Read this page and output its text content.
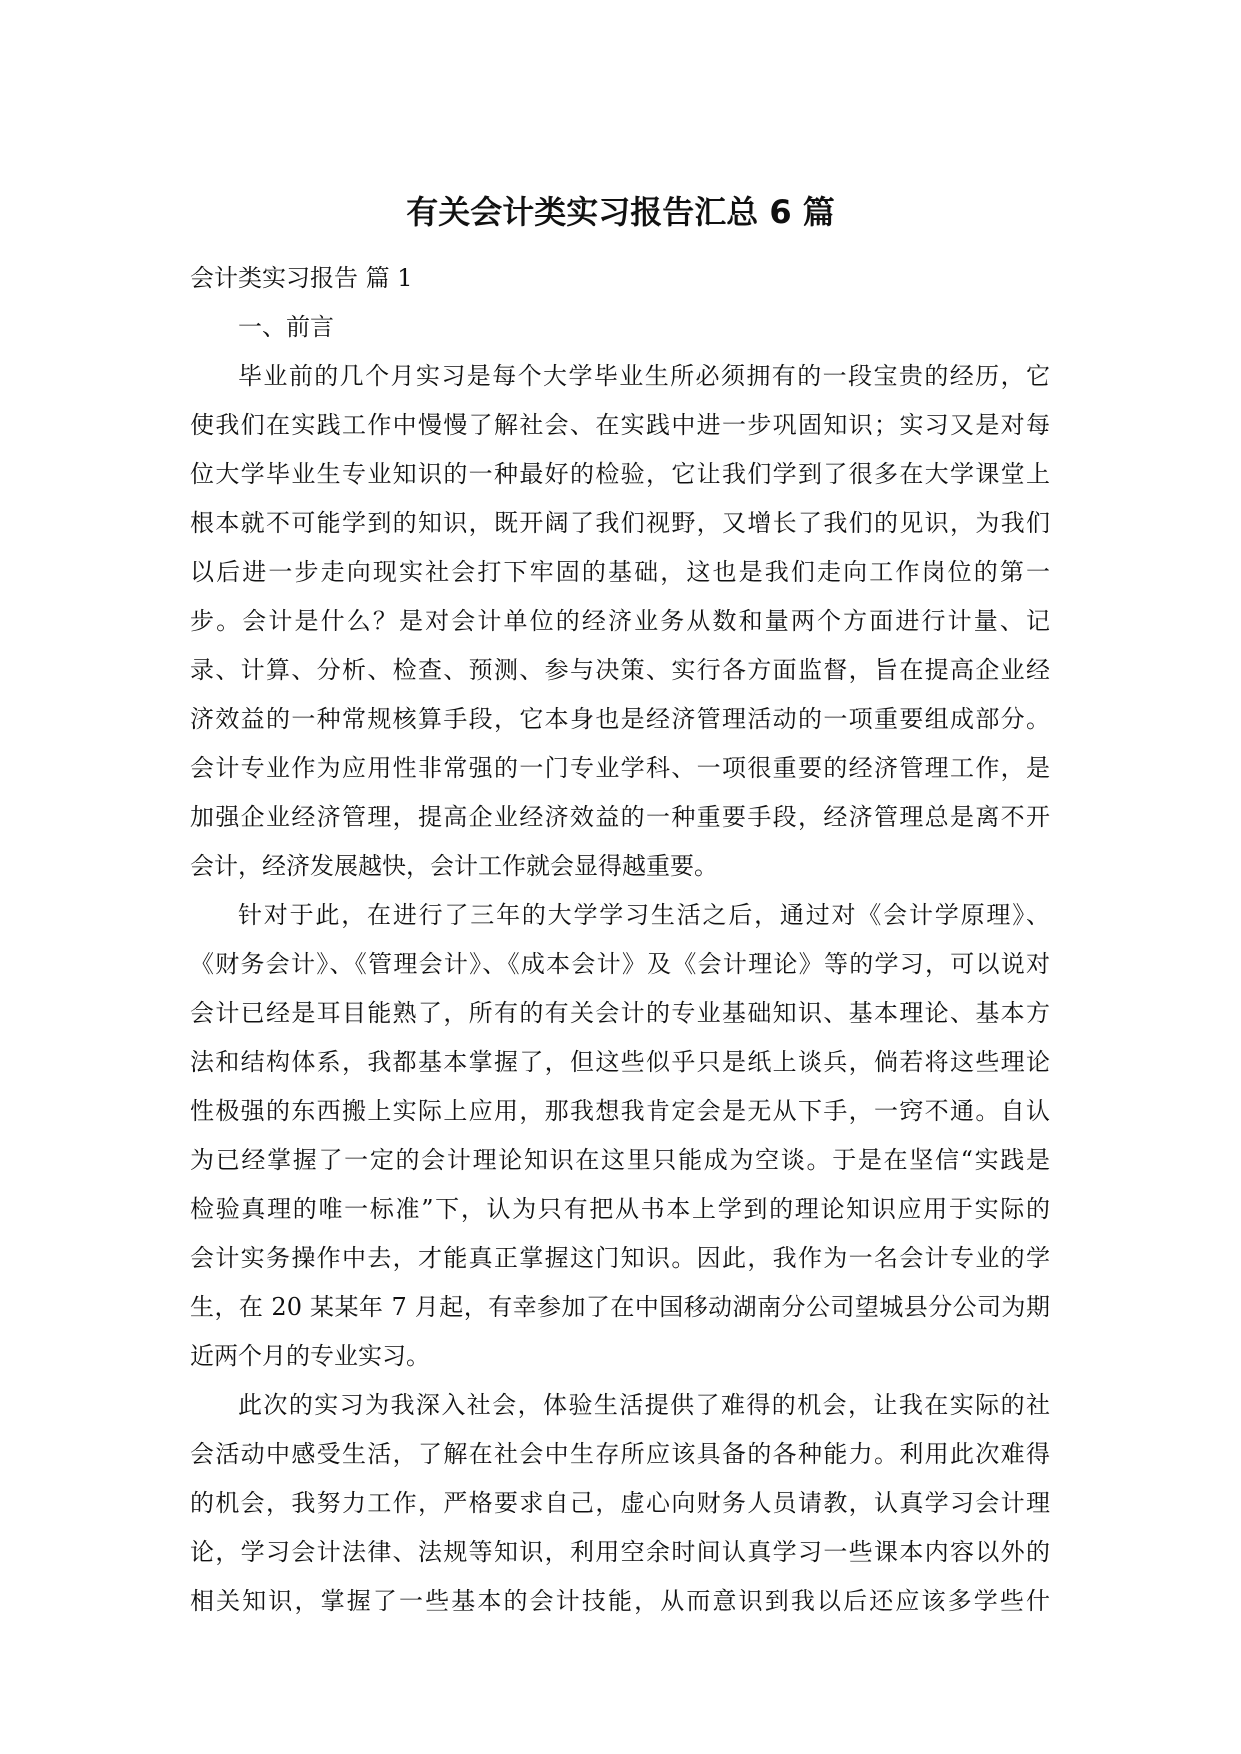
有关会计类实习报告汇总 6 篇

会计类实习报告 篇 1

一、前言

毕业前的几个月实习是每个大学毕业生所必须拥有的一段宝贵的经历，它

使我们在实践工作中慢慢了解社会、在实践中进一步巩固知识；实习又是对每

位大学毕业生专业知识的一种最好的检验，它让我们学到了很多在大学课堂上

根本就不可能学到的知识，既开阔了我们视野，又增长了我们的见识，为我们

以后进一步走向现实社会打下牢固的基础，这也是我们走向工作岗位的第一

步。会计是什么？是对会计单位的经济业务从数和量两个方面进行计量、记

录、计算、分析、检查、预测、参与决策、实行各方面监督，旨在提高企业经

济效益的一种常规核算手段，它本身也是经济管理活动的一项重要组成部分。

会计专业作为应用性非常强的一门专业学科、一项很重要的经济管理工作，是

加强企业经济管理，提高企业经济效益的一种重要手段，经济管理总是离不开

会计，经济发展越快，会计工作就会显得越重要。

针对于此，在进行了三年的大学学习生活之后，通过对《会计学原理》、

《财务会计》、《管理会计》、《成本会计》及《会计理论》等的学习，可以说对

会计已经是耳目能熟了，所有的有关会计的专业基础知识、基本理论、基本方

法和结构体系，我都基本掌握了，但这些似乎只是纸上谈兵，倘若将这些理论

性极强的东西搬上实际上应用，那我想我肯定会是无从下手，一窍不通。自认

为已经掌握了一定的会计理论知识在这里只能成为空谈。于是在坚信“实践是

检验真理的唯一标准”下，认为只有把从书本上学到的理论知识应用于实际的

会计实务操作中去，才能真正掌握这门知识。因此，我作为一名会计专业的学

生，在 20 某某年 7 月起，有幸参加了在中国移动湖南分公司望城县分公司为期

近两个月的专业实习。

此次的实习为我深入社会，体验生活提供了难得的机会，让我在实际的社

会活动中感受生活，了解在社会中生存所应该具备的各种能力。利用此次难得

的机会，我努力工作，严格要求自己，虚心向财务人员请教，认真学习会计理

论，学习会计法律、法规等知识，利用空余时间认真学习一些课本内容以外的

相关知识，掌握了一些基本的会计技能，从而意识到我以后还应该多学些什
